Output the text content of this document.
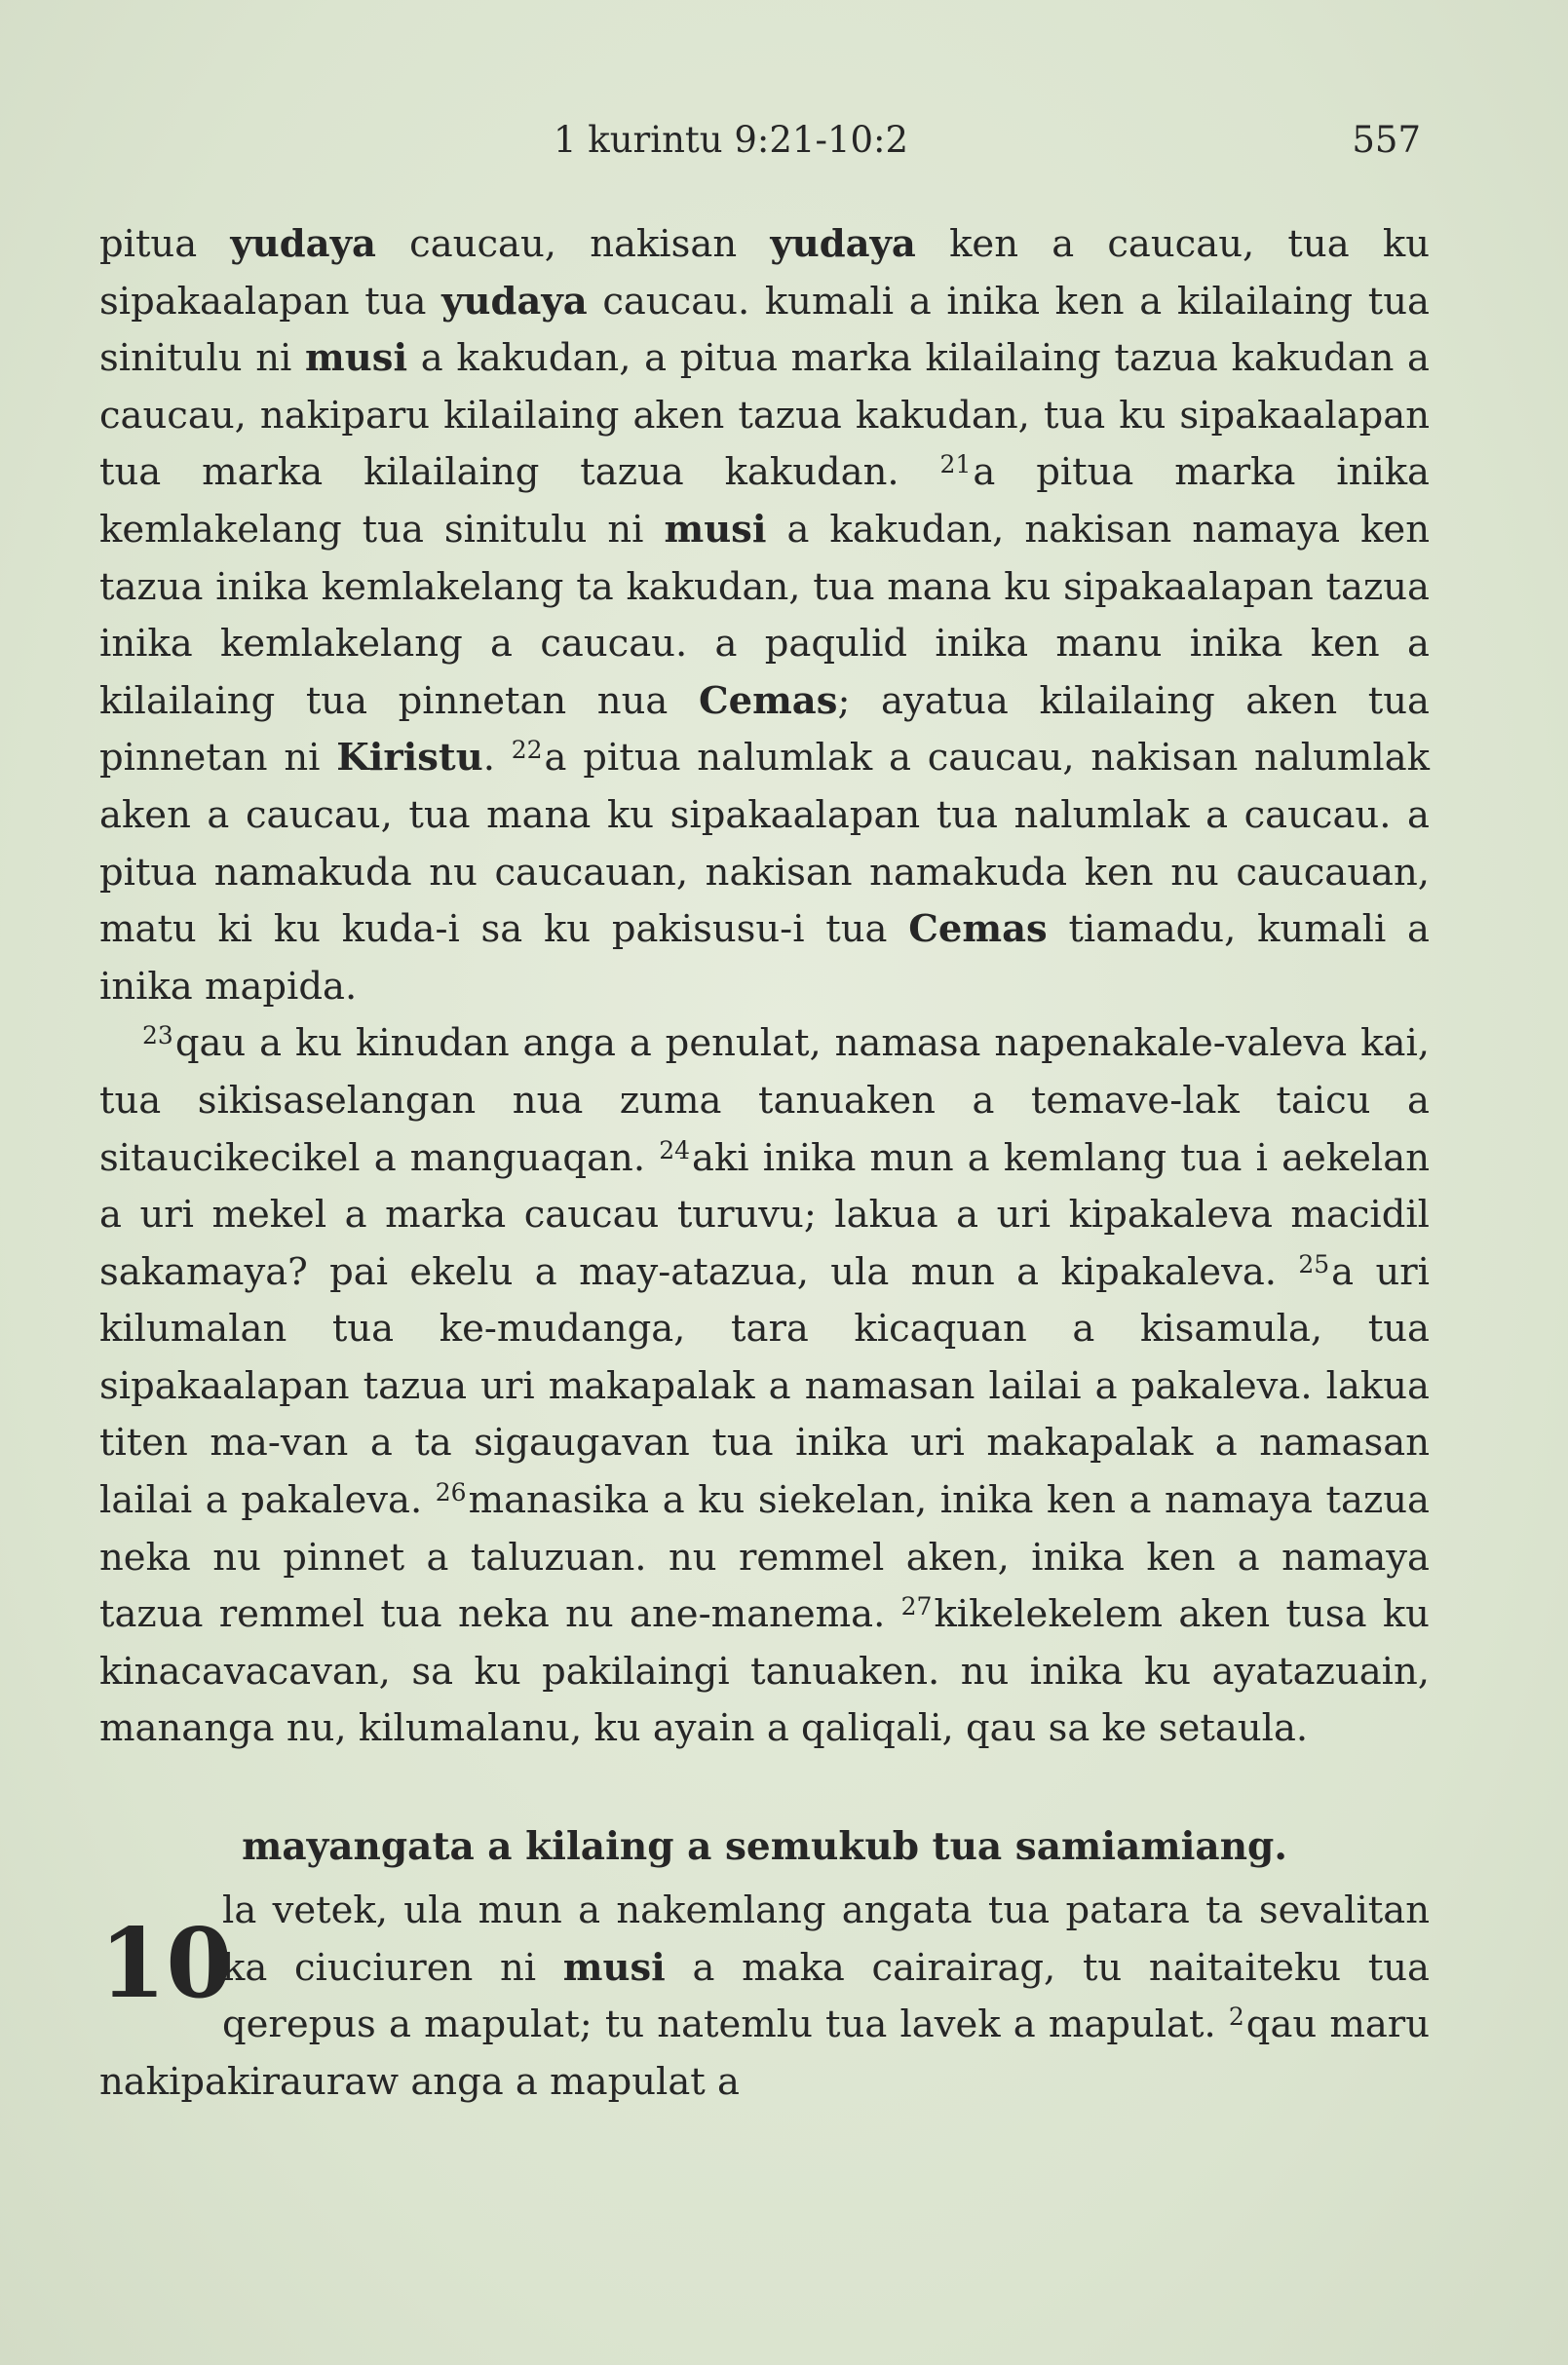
1 kurintu 9:21-10:2	557

pitua yudaya caucau, nakisan yudaya ken a caucau, tua ku sipakaalapan tua yudaya caucau. kumali a inika ken a kilailaing tua sinitulu ni musi a kakudan, a pitua marka kilailaing tazua kakudan a caucau, nakiparu kilailaing aken tazua kakudan, tua ku sipakaalapan tua marka kilailaing tazua kakudan. $^{21}$a pitua marka inika kemlakelang tua sinitulu ni musi a kakudan, nakisan namaya ken tazua inika kemlakelang ta kakudan, tua mana ku sipakaalapan tazua inika kemlakelang a caucau. a paqulid inika manu inika ken a kilailaing tua pinnetan nua Cemas; ayatua kilailaing aken tua pinnetan ni Kiristu. $^{22}$a pitua nalumlak a caucau, nakisan nalumlak aken a caucau, tua mana ku sipakaalapan tua nalumlak a caucau. a pitua namakuda nu caucauan, nakisan namakuda ken nu caucauan, matu ki ku kuda-i sa ku pakisusu-i tua Cemas tiamadu, kumali a inika mapida.

$^{23}$qau a ku kinudan anga a penulat, namasa napenakale-valeva kai, tua sikisaselangan nua zuma tanuaken a temave-lak taicu a sitaucikecikel a manguaqan. $^{24}$aki inika mun a kemlang tua i aekelan a uri mekel a marka caucau turuvu; lakua a uri kipakaleva macidil sakamaya? pai ekelu a may-atazua, ula mun a kipakaleva. $^{25}$a uri kilumalan tua ke-mudanga, tara kicaquan a kisamula, tua sipakaalapan tazua uri makapalak a namasan lailai a pakaleva. lakua titen ma-van a ta sigaugavan tua inika uri makapalak a namasan lailai a pakaleva. $^{26}$manasika a ku siekelan, inika ken a namaya tazua neka nu pinnet a taluzuan. nu remmel aken, inika ken a namaya tazua remmel tua neka nu ane-manema. $^{27}$kikelekelem aken tusa ku kinacavacavan, sa ku pakilaingi tanuaken. nu inika ku ayatazuain, mananga nu, kilumalanu, ku ayain a qaliqali, qau sa ke setaula.

mayangata a kilaing a semukub tua samiamiang.
10

la vetek, ula mun a nakemlang angata tua patara ta sevalitan ka ciuciuren ni musi a maka cairairag, tu naitaiteku tua qerepus a mapulat; tu natemlu tua lavek a mapulat. $^2$qau maru nakipakirauraw anga a mapulat a
